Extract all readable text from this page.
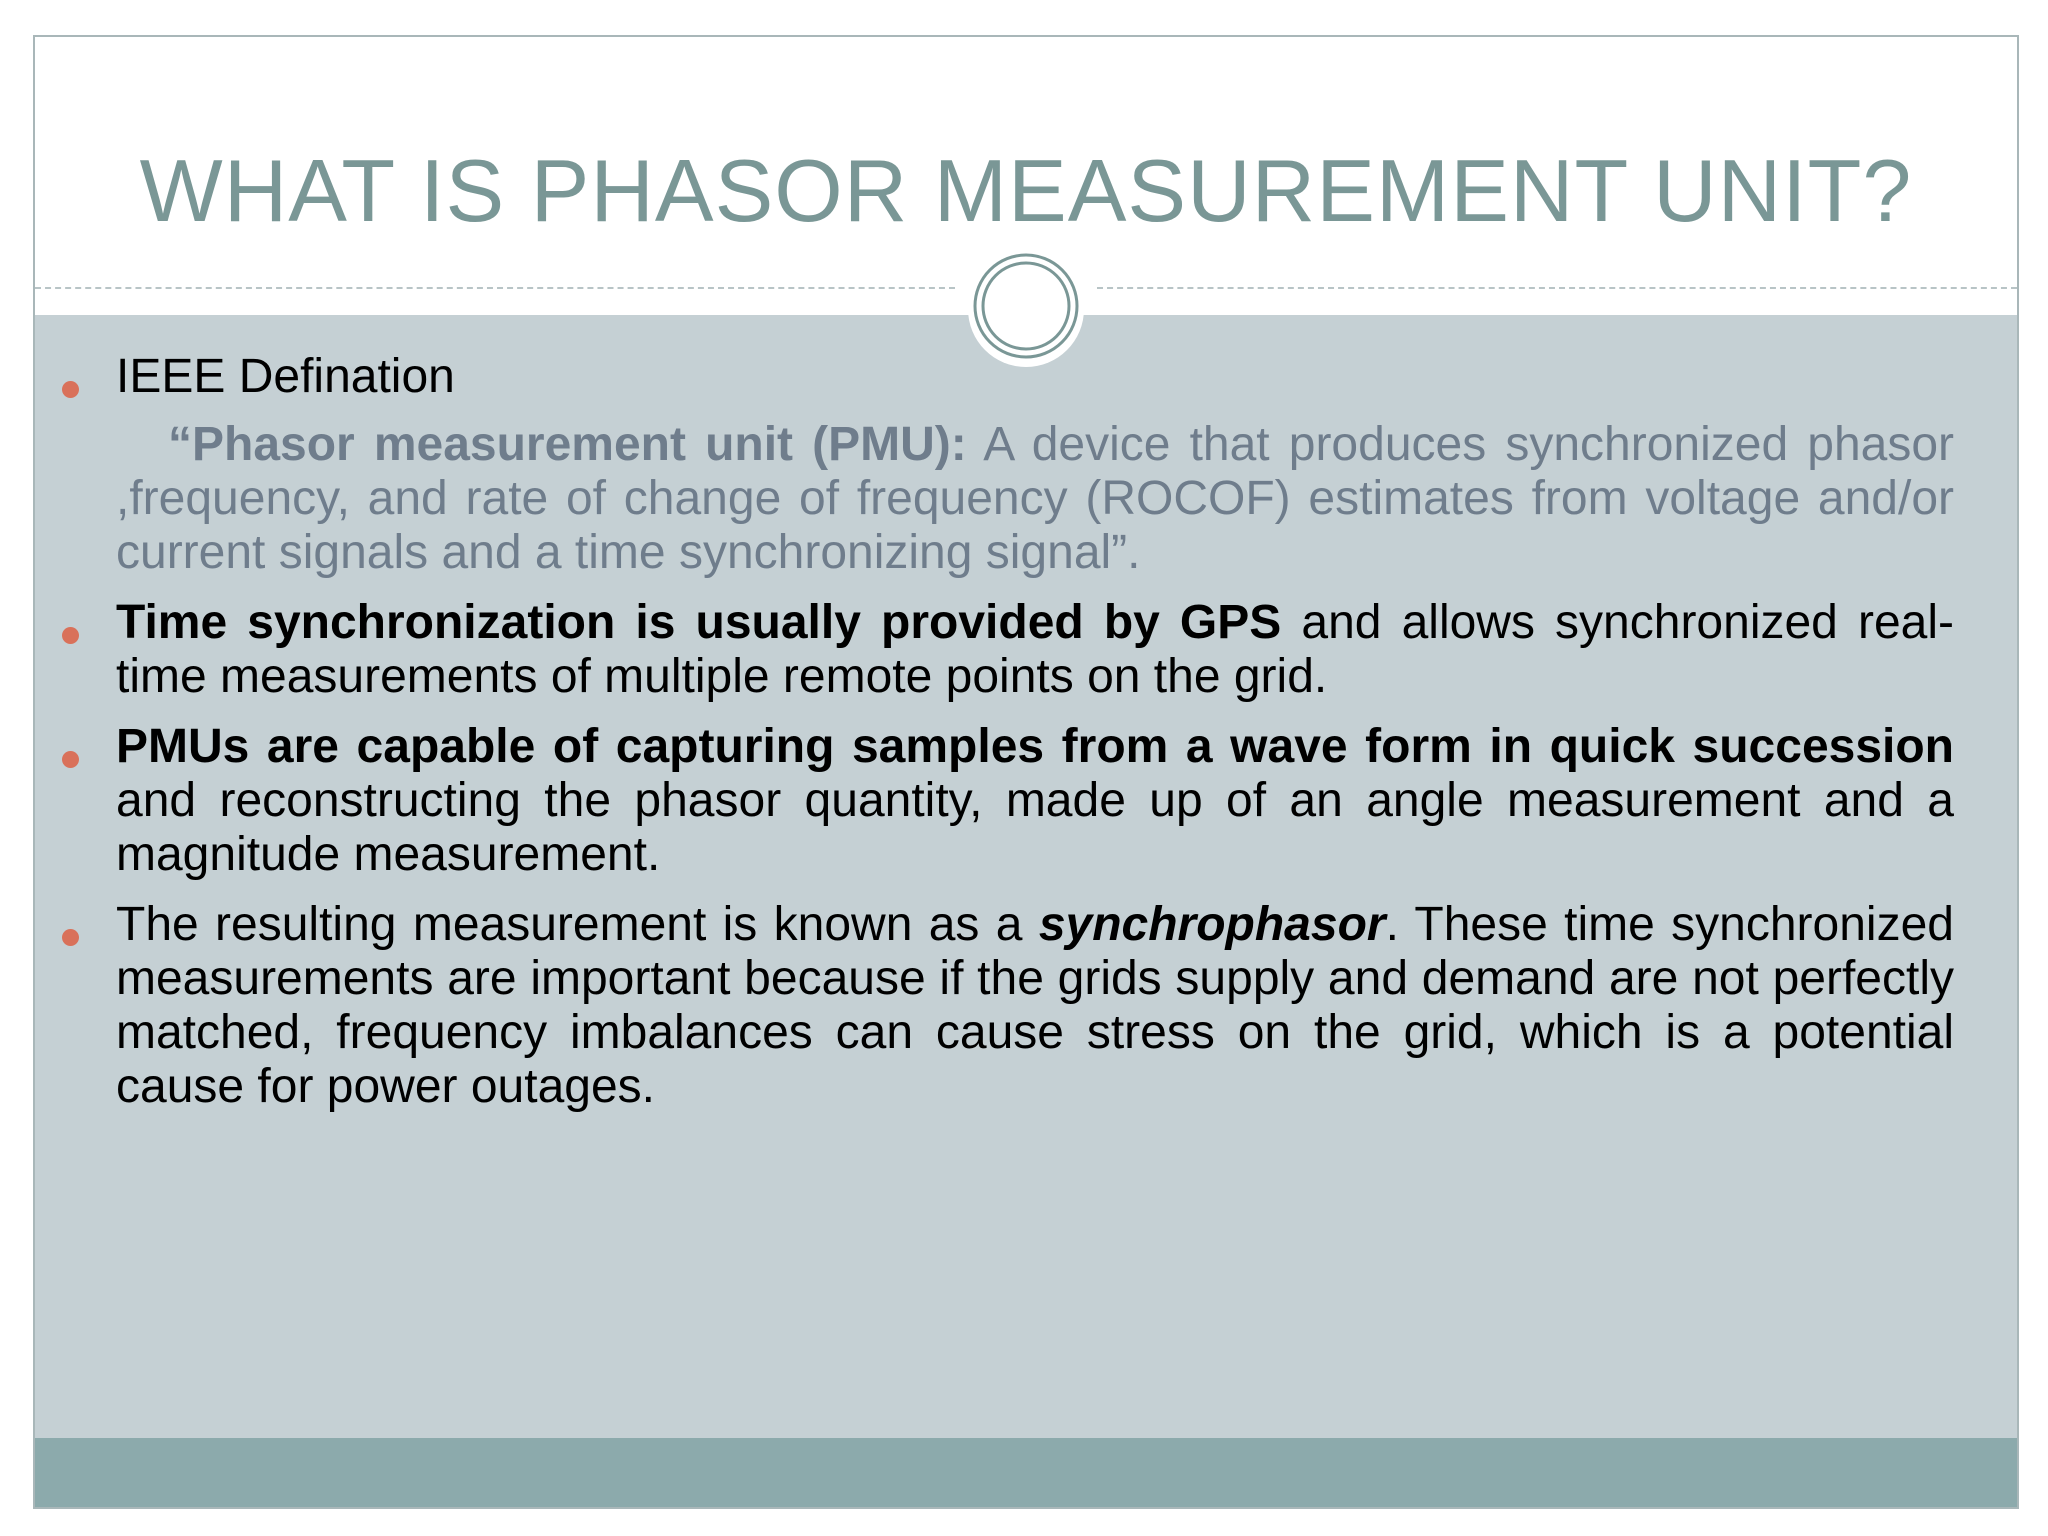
WHAT IS PHASOR MEASUREMENT UNIT?
IEEE Defination
“Phasor measurement unit (PMU): A device that produces synchronized phasor ,frequency, and rate of change of frequency (ROCOF) estimates from voltage and/or current signals and a time synchronizing signal”.
Time synchronization is usually provided by GPS and allows synchronized real-time measurements of multiple remote points on the grid.
PMUs are capable of capturing samples from a wave form in quick succession and reconstructing the phasor quantity, made up of an angle measurement and a magnitude measurement.
The resulting measurement is known as a synchrophasor. These time synchronized measurements are important because if the grids supply and demand are not perfectly matched, frequency imbalances can cause stress on the grid, which is a potential cause for power outages.
